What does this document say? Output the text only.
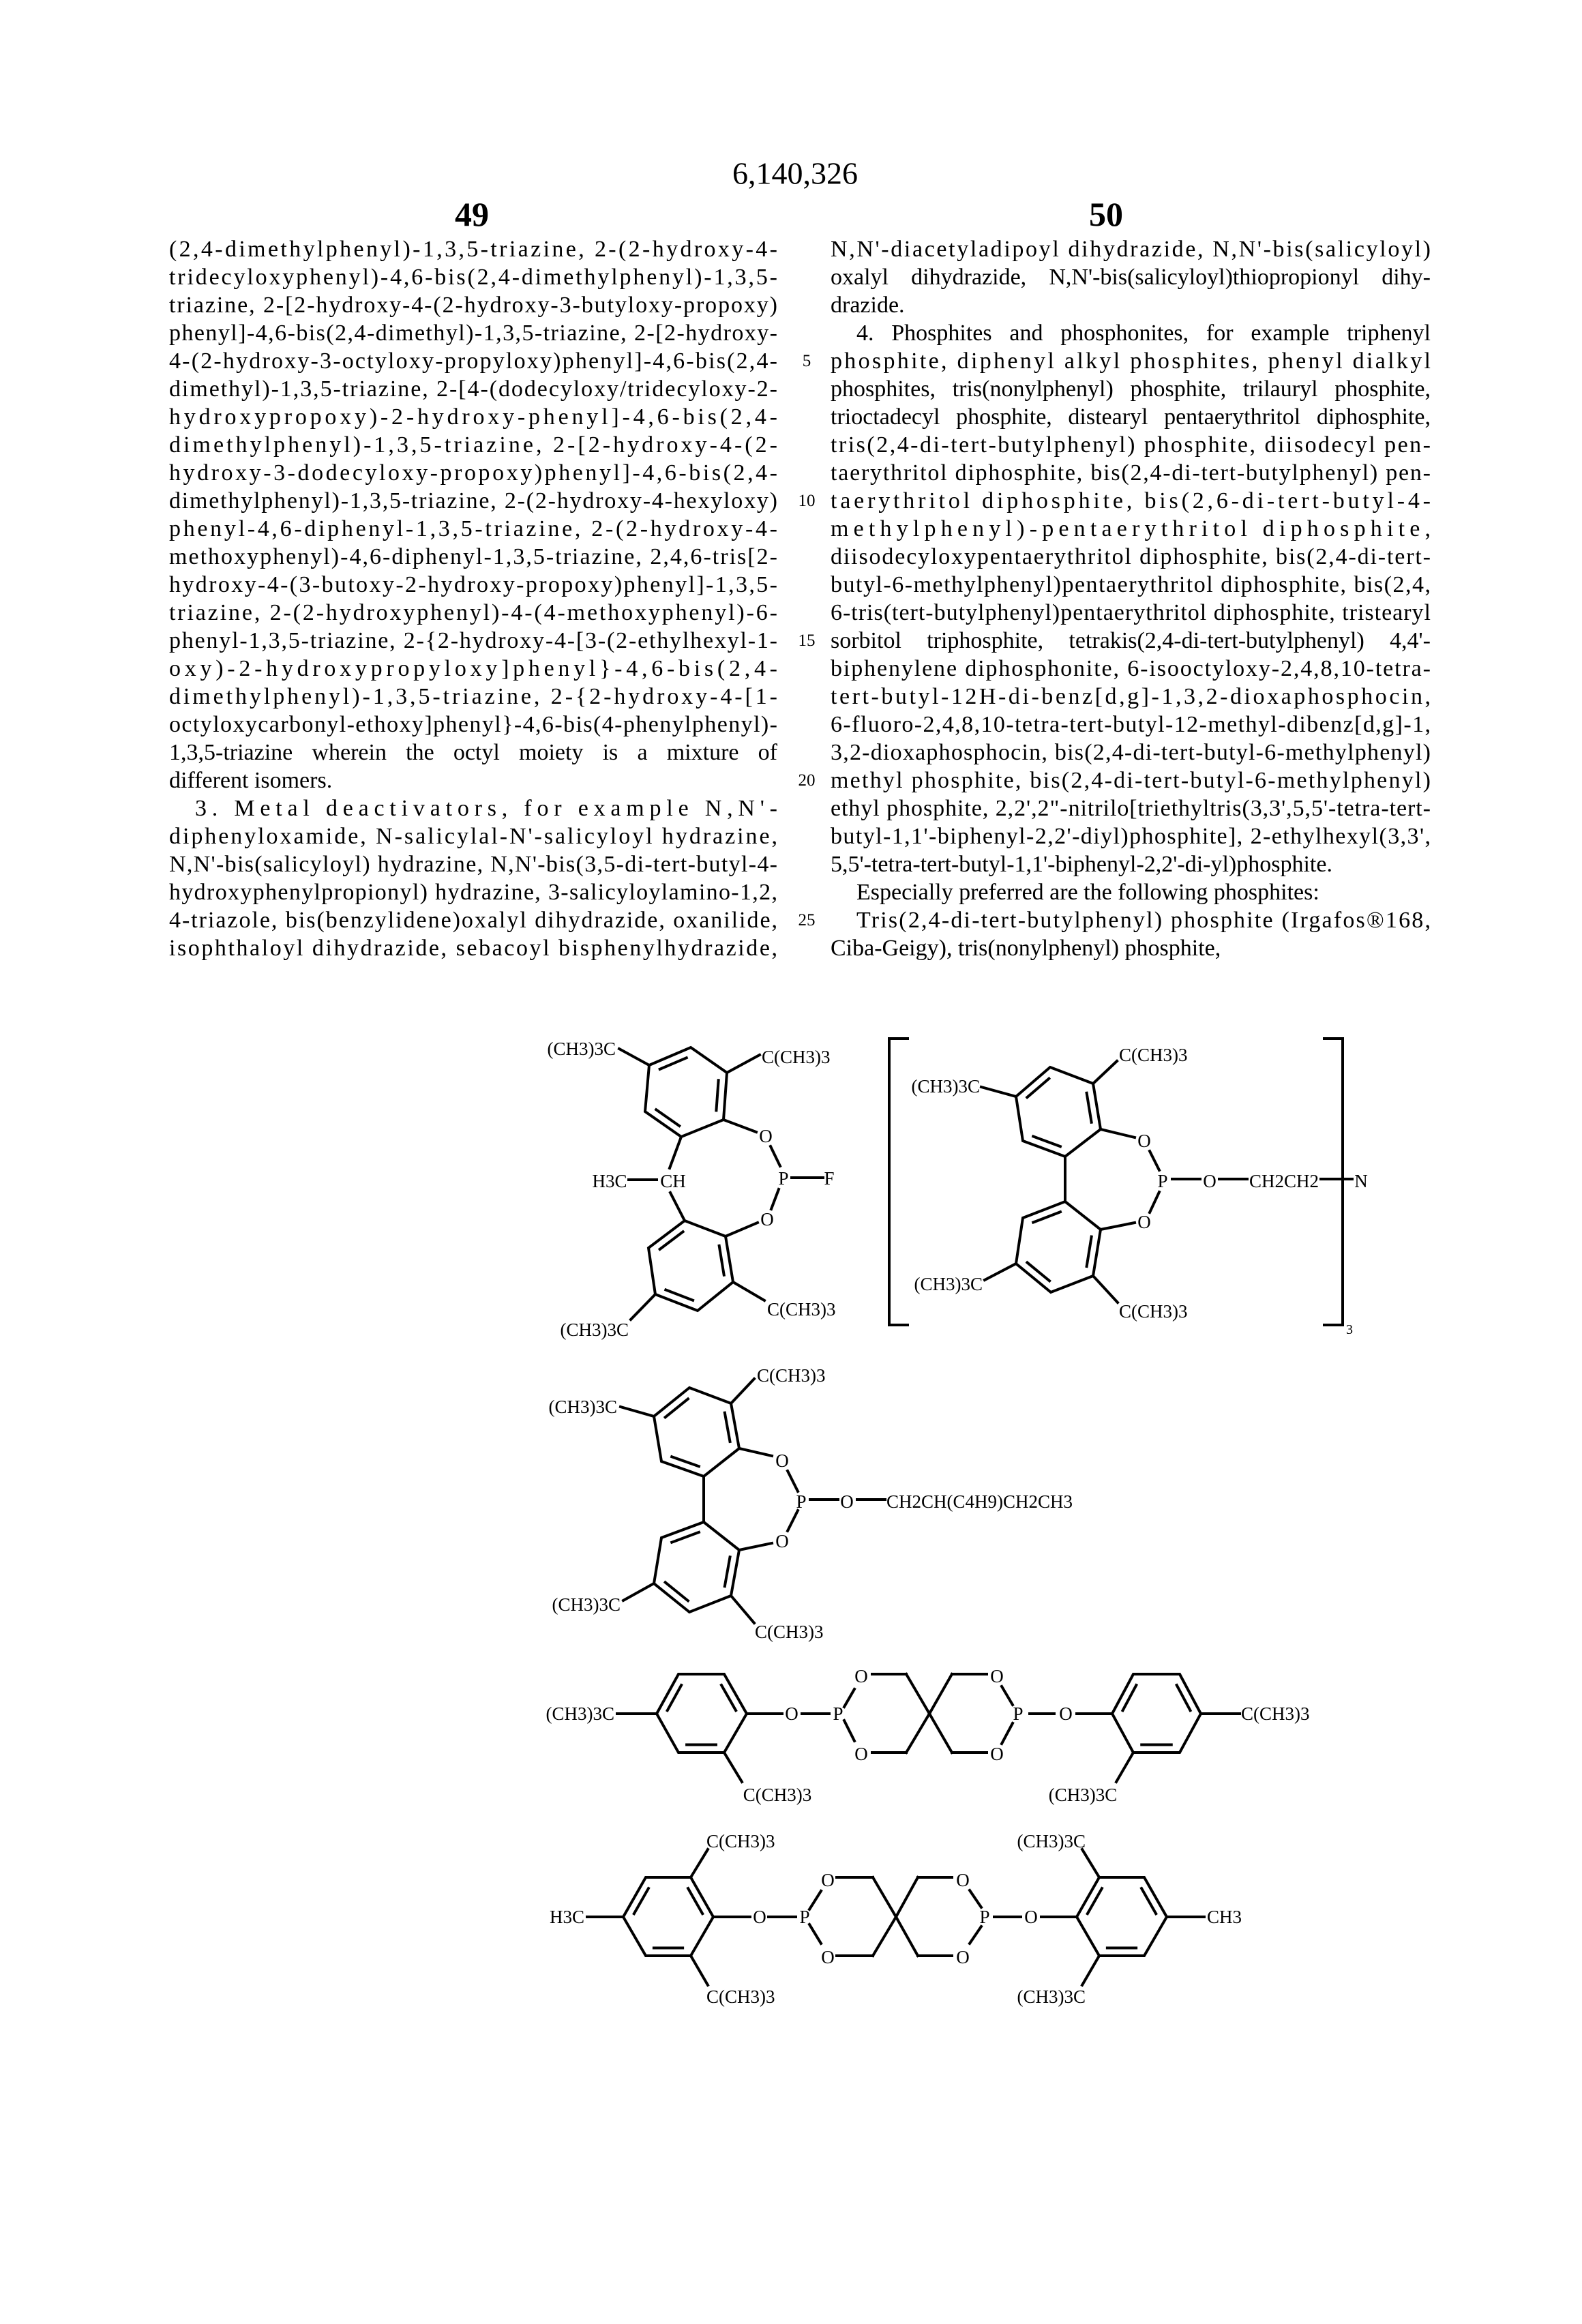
6,140,326
49	50
(2,4-dimethylphenyl)-1,3,5-triazine, 2-(2-hydroxy-4-
tridecyloxyphenyl)-4,6-bis(2,4-dimethylphenyl)-1,3,5-
triazine, 2-[2-hydroxy-4-(2-hydroxy-3-butyloxy-propoxy)
phenyl]-4,6-bis(2,4-dimethyl)-1,3,5-triazine, 2-[2-hydroxy-
4-(2-hydroxy-3-octyloxy-propyloxy)phenyl]-4,6-bis(2,4-
dimethyl)-1,3,5-triazine, 2-[4-(dodecyloxy/tridecyloxy-2-
hydroxypropoxy)-2-hydroxy-phenyl]-4,6-bis(2,4-
dimethylphenyl)-1,3,5-triazine, 2-[2-hydroxy-4-(2-
hydroxy-3-dodecyloxy-propoxy)phenyl]-4,6-bis(2,4-
dimethylphenyl)-1,3,5-triazine, 2-(2-hydroxy-4-hexyloxy)
phenyl-4,6-diphenyl-1,3,5-triazine, 2-(2-hydroxy-4-
methoxyphenyl)-4,6-diphenyl-1,3,5-triazine, 2,4,6-tris[2-
hydroxy-4-(3-butoxy-2-hydroxy-propoxy)phenyl]-1,3,5-
triazine, 2-(2-hydroxyphenyl)-4-(4-methoxyphenyl)-6-
phenyl-1,3,5-triazine, 2-{2-hydroxy-4-[3-(2-ethylhexyl-1-
oxy)-2-hydroxypropyloxy]phenyl}-4,6-bis(2,4-
dimethylphenyl)-1,3,5-triazine, 2-{2-hydroxy-4-[1-
octyloxycarbonyl-ethoxy]phenyl}-4,6-bis(4-phenylphenyl)-
1,3,5-triazine wherein the octyl moiety is a mixture of
different isomers.
3. Metal deactivators, for example N,N'-
diphenyloxamide, N-salicylal-N'-salicyloyl hydrazine,
N,N'-bis(salicyloyl) hydrazine, N,N'-bis(3,5-di-tert-butyl-4-
hydroxyphenylpropionyl) hydrazine, 3-salicyloylamino-1,2,
4-triazole, bis(benzylidene)oxalyl dihydrazide, oxanilide,
isophthaloyl dihydrazide, sebacoyl bisphenylhydrazide,
N,N'-diacetyladipoyl dihydrazide, N,N'-bis(salicyloyl)
oxalyl dihydrazide, N,N'-bis(salicyloyl)thiopropionyl dihy-
drazide.
4. Phosphites and phosphonites, for example triphenyl
phosphite, diphenyl alkyl phosphites, phenyl dialkyl
phosphites, tris(nonylphenyl) phosphite, trilauryl phosphite,
trioctadecyl phosphite, distearyl pentaerythritol diphosphite,
tris(2,4-di-tert-butylphenyl) phosphite, diisodecyl pen-
taerythritol diphosphite, bis(2,4-di-tert-butylphenyl) pen-
taerythritol diphosphite, bis(2,6-di-tert-butyl-4-
methylphenyl)-pentaerythritol diphosphite,
diisodecyloxypentaerythritol diphosphite, bis(2,4-di-tert-
butyl-6-methylphenyl)pentaerythritol diphosphite, bis(2,4,
6-tris(tert-butylphenyl)pentaerythritol diphosphite, tristearyl
sorbitol triphosphite, tetrakis(2,4-di-tert-butylphenyl) 4,4'-
biphenylene diphosphonite, 6-isooctyloxy-2,4,8,10-tetra-
tert-butyl-12H-di-benz[d,g]-1,3,2-dioxaphosphocin,
6-fluoro-2,4,8,10-tetra-tert-butyl-12-methyl-dibenz[d,g]-1,
3,2-dioxaphosphocin, bis(2,4-di-tert-butyl-6-methylphenyl)
methyl phosphite, bis(2,4-di-tert-butyl-6-methylphenyl)
ethyl phosphite, 2,2',2"-nitrilo[triethyltris(3,3',5,5'-tetra-tert-
butyl-1,1'-biphenyl-2,2'-diyl)phosphite], 2-ethylhexyl(3,3',
5,5'-tetra-tert-butyl-1,1'-biphenyl-2,2'-di-yl)phosphite.
Especially preferred are the following phosphites:
Tris(2,4-di-tert-butylphenyl) phosphite (Irgafos®168,
Ciba-Geigy), tris(nonylphenyl) phosphite,
5
10
15
20
25
(CH3)3C	C(CH3)3
O
P F
O
CH
H3C
C(CH3)3
(CH3)3C
(CH3)3C
C(CH3)3
(CH3)3C
C(CH3)3
O
P
O
O CH2CH2 N
3
(CH3)3C
C(CH3)3
O
P O CH2CH(C4H9)CH2CH3
O
(CH3)3C
C(CH3)3
(CH3)3C
C(CH3)3
O P
O
O
O
O
P O	C(CH3)3
(CH3)3C
H3C
C(CH3)3
C(CH3)3
O P
O
O
O
O
P O	CH3
(CH3)3C
(CH3)3C
